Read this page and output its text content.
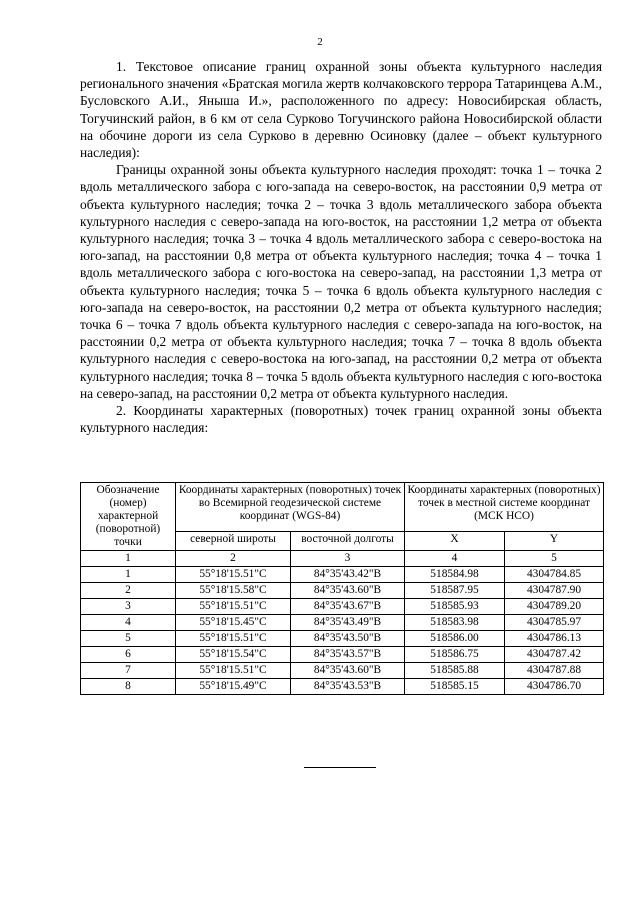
2

1. Текстовое описание границ охранной зоны объекта культурного наследия регионального значения «Братская могила жертв колчаковского террора Татаринцева А.М., Бусловского А.И., Янышa И.», расположенного по адресу: Новосибирская область, Тогучинский район, в 6 км от села Сурково Тогучинского района Новосибирской области на обочине дороги из села Сурково в деревню Осиновку (далее – объект культурного наследия):

Границы охранной зоны объекта культурного наследия проходят: точка 1 – точка 2 вдоль металлического забора с юго-запада на северо-восток, на расстоянии 0,9 метра от объекта культурного наследия; точка 2 – точка 3 вдоль металлического забора объекта культурного наследия с северо-запада на юго-восток, на расстоянии 1,2 метра от объекта культурного наследия; точка 3 – точка 4 вдоль металлического забора с северо-востока на юго-запад, на расстоянии 0,8 метра от объекта культурного наследия; точка 4 – точка 1 вдоль металлического забора с юго-востока на северо-запад, на расстоянии 1,3 метра от объекта культурного наследия; точка 5 – точка 6 вдоль объекта культурного наследия с юго-запада на северо-восток, на расстоянии 0,2 метра от объекта культурного наследия; точка 6 – точка 7 вдоль объекта культурного наследия с северо-запада на юго-восток, на расстоянии 0,2 метра от объекта культурного наследия; точка 7 – точка 8 вдоль объекта культурного наследия с северо-востока на юго-запад, на расстоянии 0,2 метра от объекта культурного наследия; точка 8 – точка 5 вдоль объекта культурного наследия с юго-востока на северо-запад, на расстоянии 0,2 метра от объекта культурного наследия.

2. Координаты характерных (поворотных) точек границ охранной зоны объекта культурного наследия:

Обозначение (номер) характерной (поворотной) точки	Координаты характерных (поворотных) точек во Всемирной геодезической системе координат (WGS-84)		Координаты характерных (поворотных) точек в местной системе координат (МСК НСО)	
	северной широты	восточной долготы	X	Y
1	2	3	4	5
1	55°18'15.51"С	84°35'43.42"В	518584.98	4304784.85
2	55°18'15.58"С	84°35'43.60"В	518587.95	4304787.90
3	55°18'15.51"С	84°35'43.67"В	518585.93	4304789.20
4	55°18'15.45"С	84°35'43.49"В	518583.98	4304785.97
5	55°18'15.51"С	84°35'43.50"В	518586.00	4304786.13
6	55°18'15.54"С	84°35'43.57"В	518586.75	4304787.42
7	55°18'15.51"С	84°35'43.60"В	518585.88	4304787.88
8	55°18'15.49"С	84°35'43.53"В	518585.15	4304786.70
